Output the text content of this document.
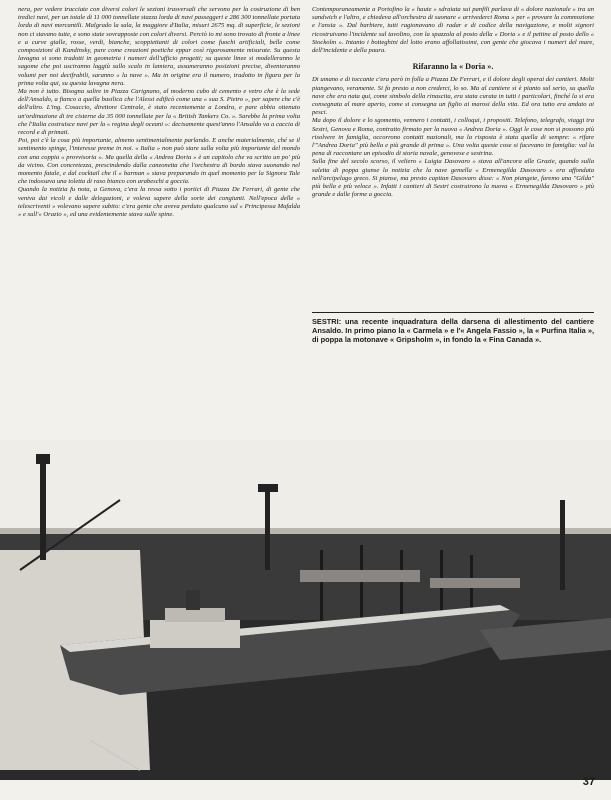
nera, per vedere tracciate con diversi colori le sezioni trasversali che servono per la costruzione di ben tredici navi, per un totale di 11 000 tonnellate stazza lorda di navi passeggeri e 286 300 tonnellate portata lorda di navi mercantili. Malgrado la sala, la maggiore d'Italia, misuri 2675 mq. di superficie, le sezioni non ci stavano tutte, e sono state sovrapposte con colori diversi. Perciò io mi sono trovato di fronte a linee e a curve gialle, rosse, verdi, bianche, scoppiettanti di colori come fuochi artificiali, belle come composizioni di Kandinsky, pure come creazioni poetiche eppur così rigorosamente misurate. Su questa lavagna si sono tradotti in geometria i numeri dell'ufficio progetti; su queste linee si modelleranno le sagome che poi usciranno laggiù sullo scalo in lamiera, assumeranno posizioni precise, diventeranno volumi per noi decifrabili, saranno « la nave ». Ma in origine era il numero, tradotto in figura per la prima volta qui, su questa lavagna nera.

Ma non è tutto. Bisogna salire in Piazza Carignano, al moderno cubo di cemento e vetro che è la sede dell'Ansaldo, a fianco a quella basilica che l'Alessi edificò come una « sua S. Pietro », per sapere che c'è dell'altro. L'ing. Cosaccio, direttore Centrale, è stato recentemente a Londra, e pare abbia ottenuto un'ordinazione di tre cisterne da 35 000 tonnellate per la « British Tankers Co. ». Sarebbe la prima volta che l'Italia costruisce navi per la « regina degli oceani »: decisamente quest'anno l'Ansaldo va a caccia di record e di primati.

Poi, poi c'è la cosa più importante, almeno sentimentalmente parlando. E anche materialmente, ché se il sentimento spinge, l'interesse preme in noi. « Italia » non può stare sulla volta più importante del mondo con una coppia « provvisoria ». Ma quella della « Andrea Doria » è un capitolo che va scritto un po' più da vicino. Con concretezza, prescindendo dalla canzonetta che l'orchestra di bordo stava suonando nel momento fatale, e dal cocktail che il « barman » stava preparando in quel momento per la Signora Tale che indossava una toletta di raso bianco con arabeschi a goccia.

Quando la notizia fu nota, a Genova, c'era la ressa sotto i portici di Piazza De Ferrari, di gente che veniva dai vicoli e dalle delegazioni, e voleva sapere della sorte dei congiunti. Nell'epoca delle « telescriventi » volevano sapere subito: c'era gente che aveva perduto qualcuno sul « Principessa Mafalda » e sull'« Orazio », ed una evidentemente stava sulle spine.

Contemporaneamente a Portofino la « haute » sdraiata sui panfili parlava di « dolore nazionale » tra un sandwich e l'altro, e chiedeva all'orchestra di suonare « arrivederci Roma » per « provare la commozione e l'ansia ». Dal barbiere, tutti ragionavano di radar e di codice della navigazione, e molti signori ricostruivano l'incidente sul tavolino, con la spazzola al posto della « Doria » e il pettine al posto dello « Stockolm ». Intanto i botteghini del lotto erano affollatissimi, con gente che giocava i numeri del mare, dell'incidente e della paura.

Rifaranno la « Doria ».

Di umano e di toccante c'era però in folla a Piazza De Ferrari, e il dolore degli operai dei cantieri. Molti piangevano, veramente. Si fa presto a non crederci, lo so. Ma al cantiere si è pianto sul serio, su quella nave che era nata qui, come simbolo della rinascita, era stata curata in tutti i particolari, finché la si era consegnata al mare aperto, come si consegna un figlio ai marosi della vita. Ed ora tutto era andato ai pesci.

Ma dopo il dolore e lo sgomento, vennero i contatti, i colloqui, i propositi. Telefono, telegrafo, viaggi tra Sestri, Genova e Roma, contratto firmato per la nuova « Andrea Doria ». Oggi le cose non si possono più risolvere in famiglia, occorrono contatti nazionali, ma la risposta è stata quella di sempre: « rifare l'"Andrea Doria" più bella e più grande di prima ». Una volta queste cose si facevano in famiglia: val la pena di raccontare un episodio di storia navale, genovese e sestrina.

Sulla fine del secolo scorso, il veliero « Luigia Dasovaro » stava all'ancora alle Grazie, quando sulla saletta di poppa giunse la notizia che la nave gemella « Ermenegilda Dasovaro » era affondata nell'arcipelago greco. Si pianse, ma presto capitan Dasovaro disse: « Non piangete, faremo una "Gilda" più bella e più veloce ». Infatti i cantieri di Sestri costruirono la nuova « Ermenegilda Dasovaro » più grande e dalle forme a goccia.

SESTRI: una recente inquadratura della darsena di allestimento del cantiere Ansaldo. In primo piano la « Carmela » e l'« Angela Fassio », la « Purfina Italia », di poppa la motonave « Gripsholm », in fondo la « Fina Canada ».
37
